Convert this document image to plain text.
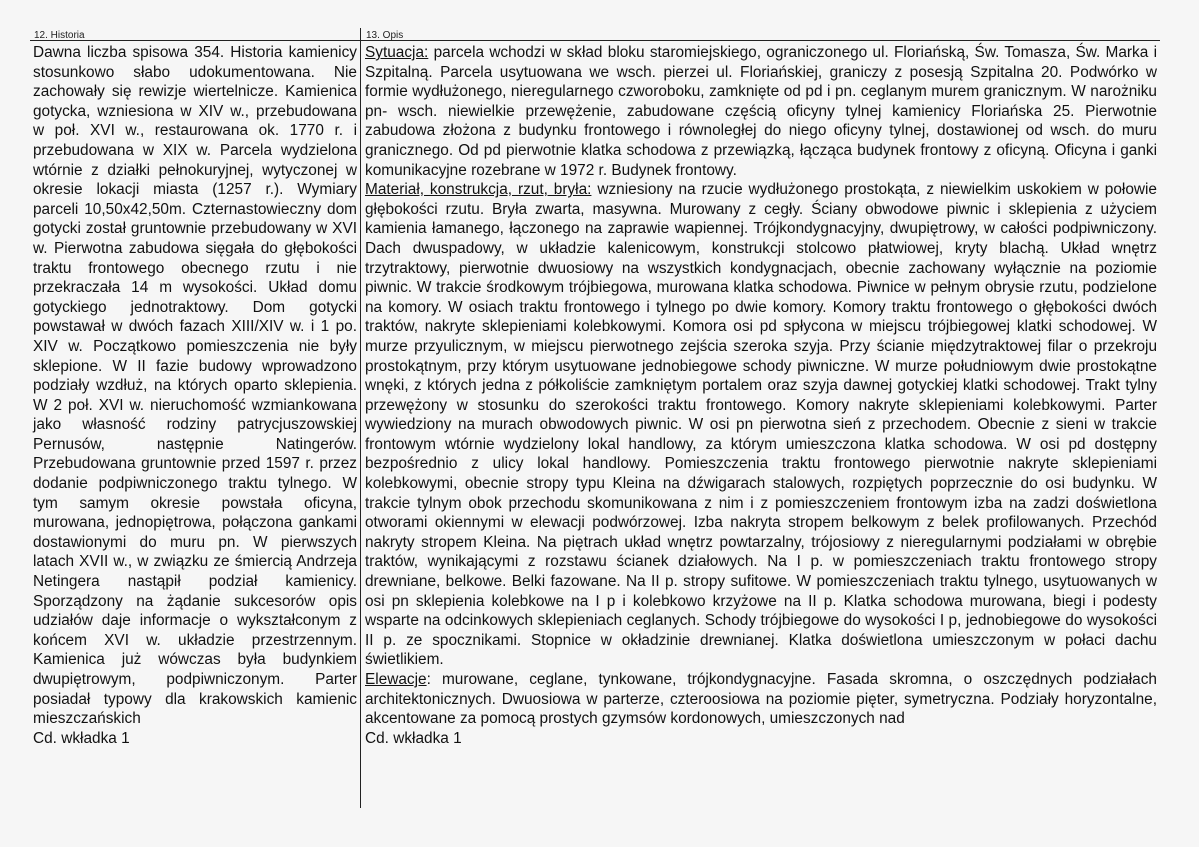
12. Historia	13. Opis

Dawna liczba spisowa 354. Historia kamienicy stosunkowo słabo udokumentowana. Nie zachowały się rewizje wiertelnicze. Kamienica gotycka, wzniesiona w XIV w., przebudowana w poł. XVI w., restaurowana ok. 1770 r. i przebudowana w XIX w. Parcela wydzielona wtórnie z działki pełnokuryjnej, wytyczonej w okresie lokacji miasta (1257 r.). Wymiary parceli 10,50x42,50m. Czternastowieczny dom gotycki został gruntownie przebudowany w XVI w. Pierwotna zabudowa sięgała do głębokości traktu frontowego obecnego rzutu i nie przekraczała 14 m wysokości. Układ domu gotyckiego jednotraktowy. Dom gotycki powstawał w dwóch fazach XIII/XIV w. i 1 po. XIV w. Początkowo pomieszczenia nie były sklepione. W II fazie budowy wprowadzono podziały wzdłuż, na których oparto sklepienia. W 2 poł. XVI w. nieruchomość wzmiankowana jako własność rodziny patrycjuszowskiej Pernusów, następnie Natingerów. Przebudowana gruntownie przed 1597 r. przez dodanie podpiwniczonego traktu tylnego. W tym samym okresie powstała oficyna, murowana, jednopiętrowa, połączona gankami dostawionymi do muru pn. W pierwszych latach XVII w., w związku ze śmiercią Andrzeja Netingera nastąpił podział kamienicy. Sporządzony na żądanie sukcesorów opis udziałów daje informacje o wykształconym z końcem XVI w. układzie przestrzennym. Kamienica już wówczas była budynkiem dwupiętrowym, podpiwniczonym. Parter posiadał typowy dla krakowskich kamienic mieszczańskich

Cd. wkładka 1

Sytuacja: parcela wchodzi w skład bloku staromiejskiego, ograniczonego ul. Floriańską, Św. Tomasza, Św. Marka i Szpitalną. Parcela usytuowana we wsch. pierzei ul. Floriańskiej, graniczy z posesją Szpitalna 20. Podwórko w formie wydłużonego, nieregularnego czworoboku, zamknięte od pd i pn. ceglanym murem granicznym. W narożniku pn- wsch. niewielkie przewężenie, zabudowane częścią oficyny tylnej kamienicy Floriańska 25. Pierwotnie zabudowa złożona z budynku frontowego i równoległej do niego oficyny tylnej, dostawionej od wsch. do muru granicznego. Od pd pierwotnie klatka schodowa z przewiązką, łącząca budynek frontowy z oficyną. Oficyna i ganki komunikacyjne rozebrane w 1972 r. Budynek frontowy.

Materiał, konstrukcja, rzut, bryła: wzniesiony na rzucie wydłużonego prostokąta, z niewielkim uskokiem w połowie głębokości rzutu. Bryła zwarta, masywna. Murowany z cegły. Ściany obwodowe piwnic i sklepienia z użyciem kamienia łamanego, łączonego na zaprawie wapiennej. Trójkondygnacyjny, dwupiętrowy, w całości podpiwniczony. Dach dwuspadowy, w układzie kalenicowym, konstrukcji stolcowo płatwiowej, kryty blachą. Układ wnętrz trzytraktowy, pierwotnie dwuosiowy na wszystkich kondygnacjach, obecnie zachowany wyłącznie na poziomie piwnic. W trakcie środkowym trójbiegowa, murowana klatka schodowa. Piwnice w pełnym obrysie rzutu, podzielone na komory. W osiach traktu frontowego i tylnego po dwie komory. Komory traktu frontowego o głębokości dwóch traktów, nakryte sklepieniami kolebkowymi. Komora osi pd spłycona w miejscu trójbiegowej klatki schodowej. W murze przyulicznym, w miejscu pierwotnego zejścia szeroka szyja. Przy ścianie międzytraktowej filar o przekroju prostokątnym, przy którym usytuowane jednobiegowe schody piwniczne. W murze południowym dwie prostokątne wnęki, z których jedna z półkoliście zamkniętym portalem oraz szyja dawnej gotyckiej klatki schodowej. Trakt tylny przewężony w stosunku do szerokości traktu frontowego. Komory nakryte sklepieniami kolebkowymi. Parter wywiedziony na murach obwodowych piwnic. W osi pn pierwotna sień z przechodem. Obecnie z sieni w trakcie frontowym wtórnie wydzielony lokal handlowy, za którym umieszczona klatka schodowa. W osi pd dostępny bezpośrednio z ulicy lokal handlowy. Pomieszczenia traktu frontowego pierwotnie nakryte sklepieniami kolebkowymi, obecnie stropy typu Kleina na dźwigarach stalowych, rozpiętych poprzecznie do osi budynku. W trakcie tylnym obok przechodu skomunikowana z nim i z pomieszczeniem frontowym izba na zadzi doświetlona otworami okiennymi w elewacji podwórzowej. Izba nakryta stropem belkowym z belek profilowanych. Przechód nakryty stropem Kleina. Na piętrach układ wnętrz powtarzalny, trójosiowy z nieregularnymi podziałami w obrębie traktów, wynikającymi z rozstawu ścianek działowych. Na I p. w pomieszczeniach traktu frontowego stropy drewniane, belkowe. Belki fazowane. Na II p. stropy sufitowe. W pomieszczeniach traktu tylnego, usytuowanych w osi pn sklepienia kolebkowe na I p i kolebkowo krzyżowe na II p. Klatka schodowa murowana, biegi i podesty wsparte na odcinkowych sklepieniach ceglanych. Schody trójbiegowe do wysokości I p, jednobiegowe do wysokości II p. ze spocznikami. Stopnice w okładzinie drewnianej. Klatka doświetlona umieszczonym w połaci dachu świetlikiem.

Elewacje: murowane, ceglane, tynkowane, trójkondygnacyjne. Fasada skromna, o oszczędnych podziałach architektonicznych. Dwuosiowa w parterze, czteroosiowa na poziomie pięter, symetryczna. Podziały horyzontalne, akcentowane za pomocą prostych gzymsów kordonowych, umieszczonych nad

Cd. wkładka 1
